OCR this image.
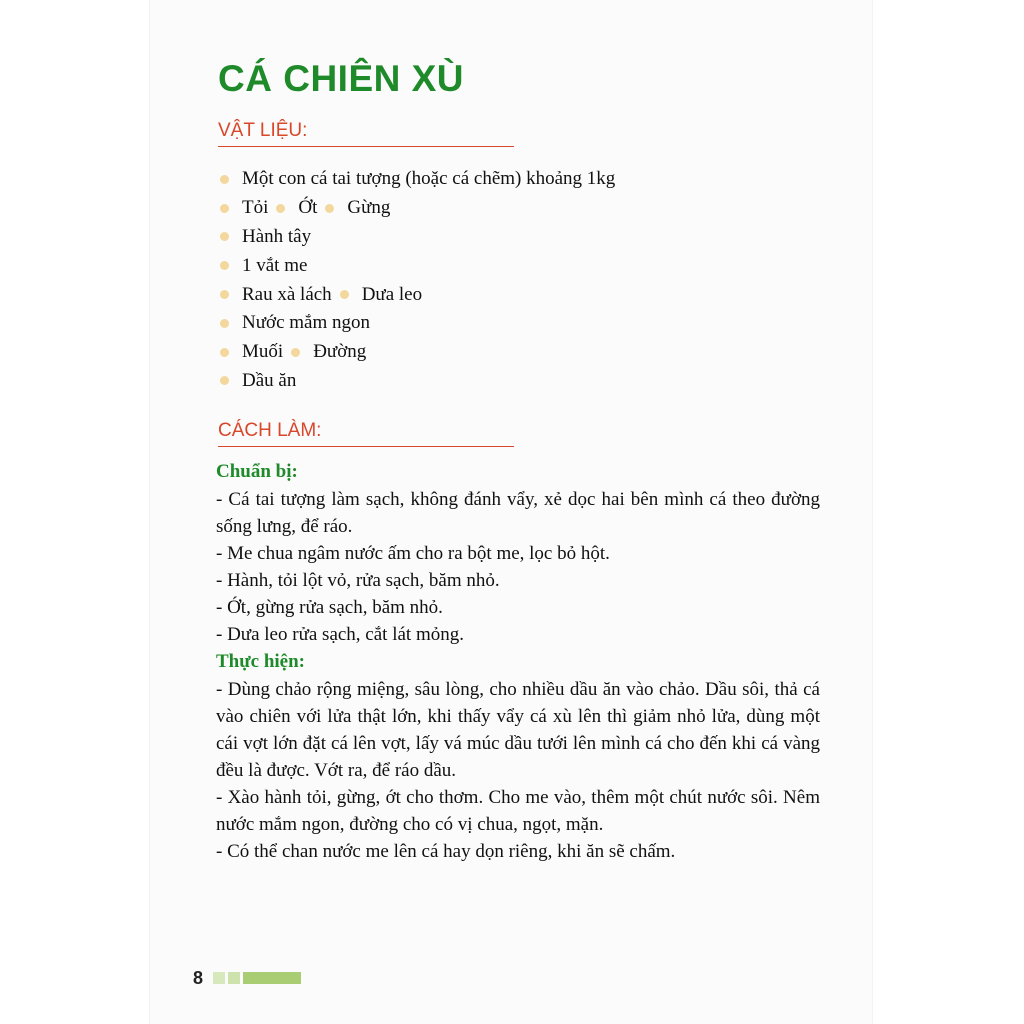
CÁ CHIÊN XÙ
VẬT LIỆU:
Một con cá tai tượng (hoặc cá chẽm) khoảng 1kg
Tỏi Ớt Gừng
Hành tây
1 vắt me
Rau xà lách Dưa leo
Nước mắm ngon
Muối Đường
Dầu ăn
CÁCH LÀM:
Chuẩn bị:

- Cá tai tượng làm sạch, không đánh vẩy, xẻ dọc hai bên mình cá theo đường sống lưng, để ráo.

- Me chua ngâm nước ấm cho ra bột me, lọc bỏ hột.

- Hành, tỏi lột vỏ, rửa sạch, băm nhỏ.

- Ớt, gừng rửa sạch, băm nhỏ.

- Dưa leo rửa sạch, cắt lát mỏng.

Thực hiện:

- Dùng chảo rộng miệng, sâu lòng, cho nhiều dầu ăn vào chảo. Dầu sôi, thả cá vào chiên với lửa thật lớn, khi thấy vẩy cá xù lên thì giảm nhỏ lửa, dùng một cái vợt lớn đặt cá lên vợt, lấy vá múc dầu tưới lên mình cá cho đến khi cá vàng đều là được. Vớt ra, để ráo dầu.

- Xào hành tỏi, gừng, ớt cho thơm. Cho me vào, thêm một chút nước sôi. Nêm nước mắm ngon, đường cho có vị chua, ngọt, mặn.

- Có thể chan nước me lên cá hay dọn riêng, khi ăn sẽ chấm.

8
